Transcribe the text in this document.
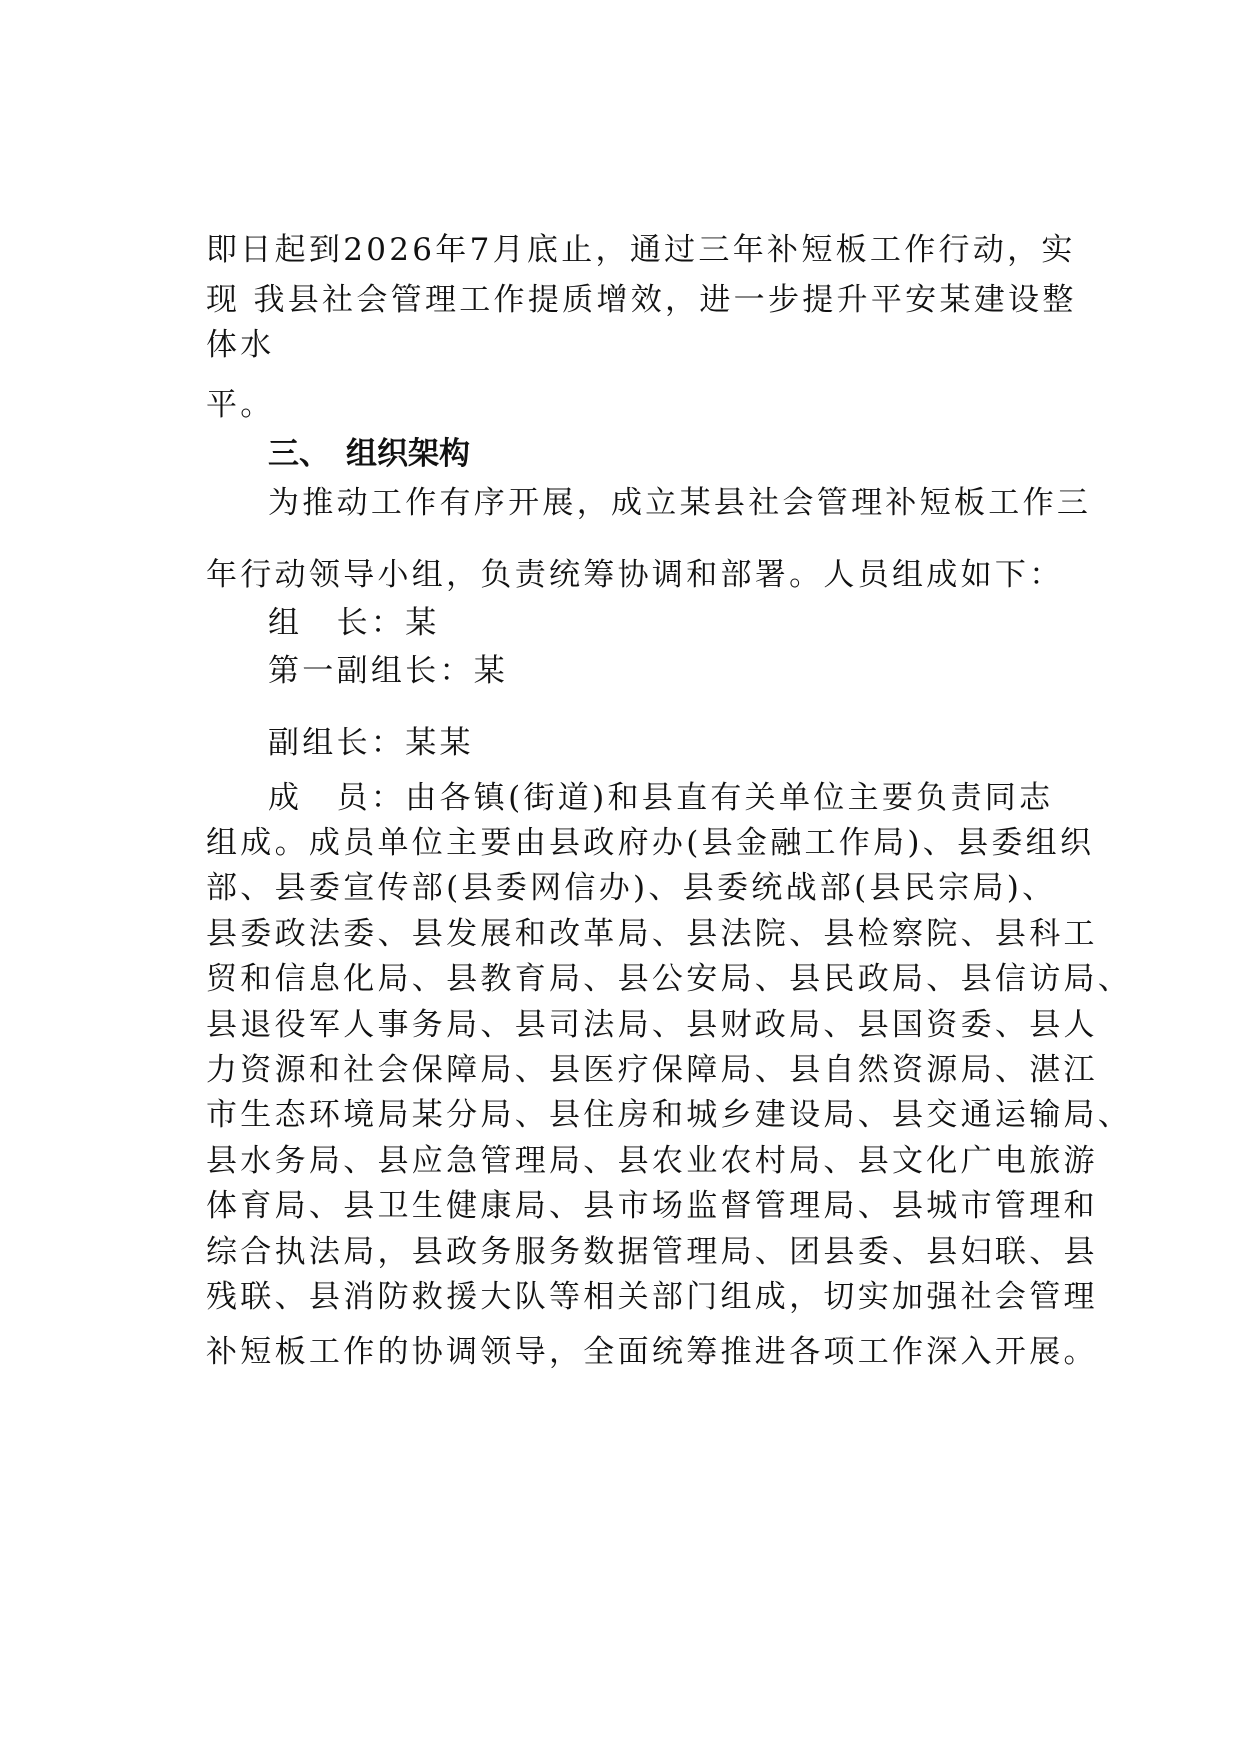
即日起到2026年7月底止，通过三年补短板工作行动，实
现 我县社会管理工作提质增效，进一步提升平安某建设整
体水
平。
三、 组织架构
为推动工作有序开展，成立某县社会管理补短板工作三
年行动领导小组，负责统筹协调和部署。人员组成如下：
组　长：某
第一副组长：某
副组长：某某
成　员：由各镇(街道)和县直有关单位主要负责同志
组成。成员单位主要由县政府办(县金融工作局)、县委组织
部、县委宣传部(县委网信办)、县委统战部(县民宗局)、
县委政法委、县发展和改革局、县法院、县检察院、县科工
贸和信息化局、县教育局、县公安局、县民政局、县信访局、
县退役军人事务局、县司法局、县财政局、县国资委、县人
力资源和社会保障局、县医疗保障局、县自然资源局、湛江
市生态环境局某分局、县住房和城乡建设局、县交通运输局、
县水务局、县应急管理局、县农业农村局、县文化广电旅游
体育局、县卫生健康局、县市场监督管理局、县城市管理和
综合执法局，县政务服务数据管理局、团县委、县妇联、县
残联、县消防救援大队等相关部门组成，切实加强社会管理
补短板工作的协调领导，全面统筹推进各项工作深入开展。
